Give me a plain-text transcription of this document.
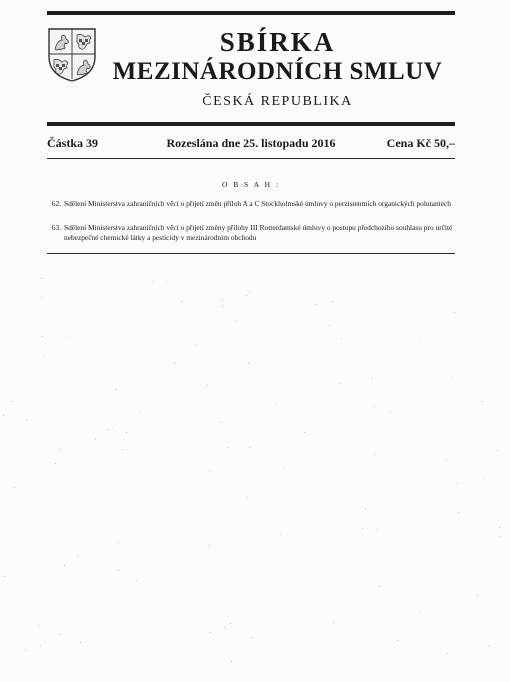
SBÍRKA
MEZINÁRODNÍCH SMLUV
ČESKÁ REPUBLIKA
Částka 39	Rozeslána dne 25. listopadu 2016	Cena Kč 50,–
O B S A H :
62. Sdělení Ministerstva zahraničních věcí o přijetí změn příloh A a C Stockholmské úmluvy o perzistentních organických polutantech
63. Sdělení Ministerstva zahraničních věcí o přijetí změny přílohy III Rotterdamské úmluvy o postupu předchozího souhlasu pro určité nebezpečné chemické látky a pesticidy v mezinárodním obchodu
